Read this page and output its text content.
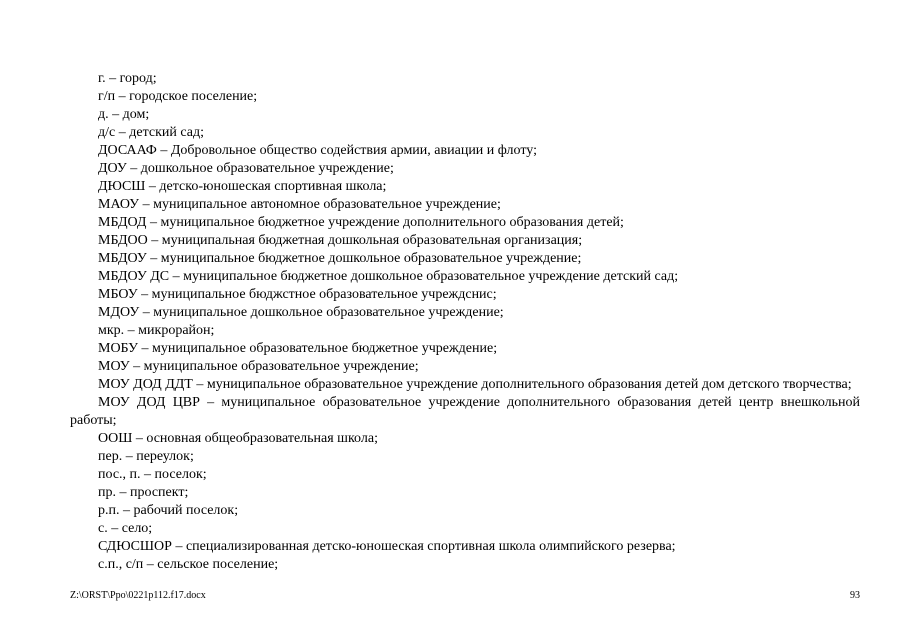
г. – город;

г/п – городское поселение;

д. – дом;

д/с – детский сад;

ДОСААФ – Добровольное общество содействия армии, авиации и флоту;

ДОУ – дошкольное образовательное учреждение;

ДЮСШ – детско-юношеская спортивная школа;

МАОУ – муниципальное автономное образовательное учреждение;

МБДОД – муниципальное бюджетное учреждение дополнительного образования детей;

МБДОО – муниципальная бюджетная дошкольная образовательная организация;

МБДОУ – муниципальное бюджетное дошкольное образовательное учреждение;

МБДОУ ДС – муниципальное бюджетное дошкольное образовательное учреждение детский сад;

МБОУ – муниципальное бюджстное образовательное учреждснис;

МДОУ – муниципальное дошкольное образовательное учреждение;

мкр. – микрорайон;

МОБУ – муниципальное образовательное бюджетное учреждение;

МОУ – муниципальное образовательное учреждение;

МОУ ДОД ДДТ – муниципальное образовательное учреждение дополнительного образования детей дом детского творчества;

МОУ ДОД ЦВР – муниципальное образовательное учреждение дополнительного образования детей центр внешкольной работы;

ООШ – основная общеобразовательная школа;

пер. – переулок;

пос., п. – поселок;

пр. – проспект;

р.п. – рабочий поселок;

с. – село;

СДЮСШОР – специализированная детско-юношеская спортивная школа олимпийского резерва;

с.п., с/п – сельское поселение;

Z:\ORST\Ppo\0221p112.f17.docx	93
